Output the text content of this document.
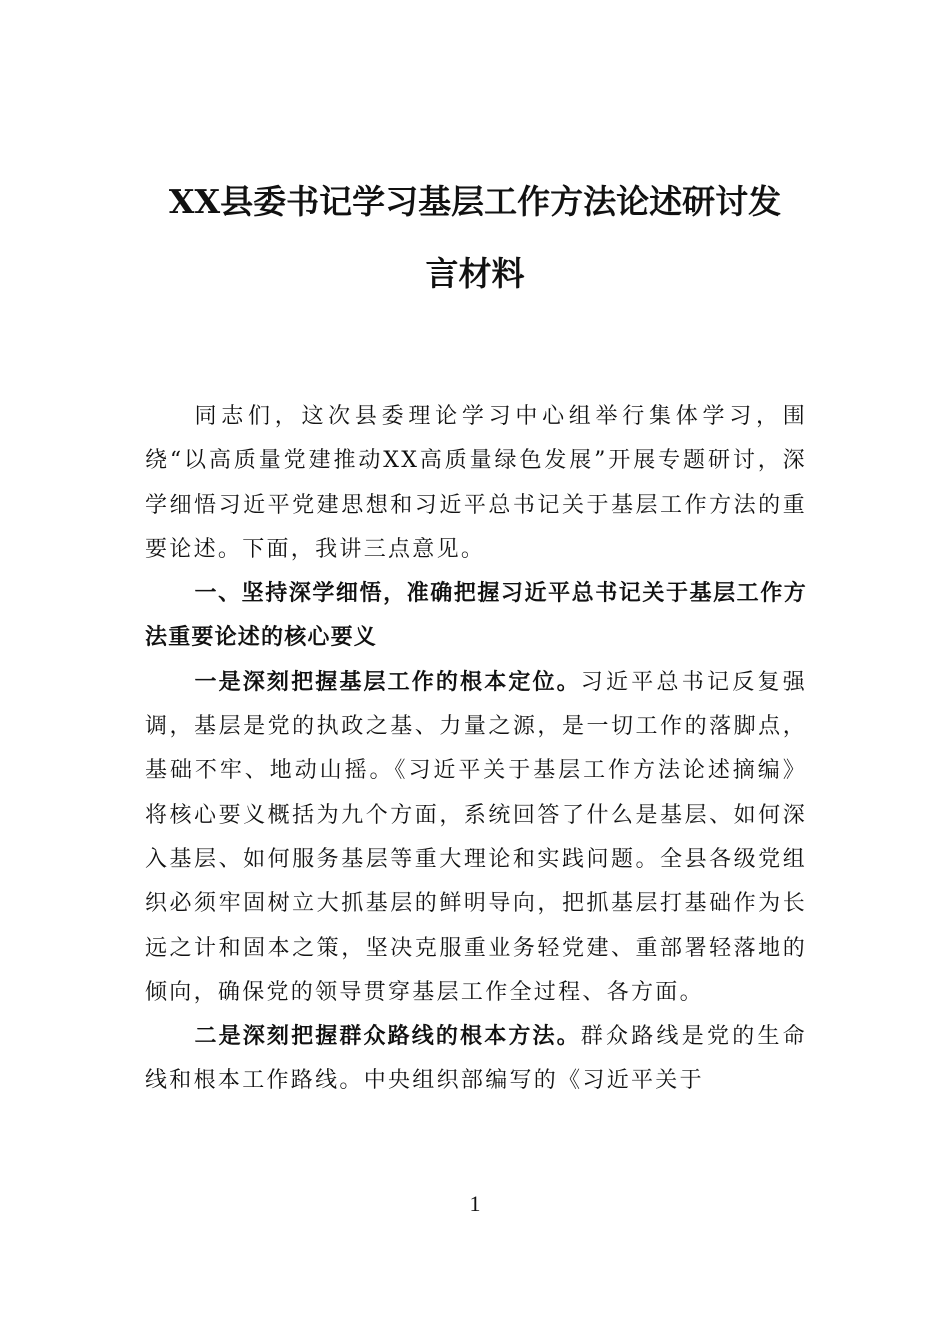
XX县委书记学习基层工作方法论述研讨发
言材料

同志们，这次县委理论学习中心组举行集体学习，围绕“以高质量党建推动XX高质量绿色发展”开展专题研讨，深学细悟习近平党建思想和习近平总书记关于基层工作方法的重要论述。下面，我讲三点意见。

一、坚持深学细悟，准确把握习近平总书记关于基层工作方法重要论述的核心要义

一是深刻把握基层工作的根本定位。习近平总书记反复强调，基层是党的执政之基、力量之源，是一切工作的落脚点，基础不牢、地动山摇。《习近平关于基层工作方法论述摘编》将核心要义概括为九个方面，系统回答了什么是基层、如何深入基层、如何服务基层等重大理论和实践问题。全县各级党组织必须牢固树立大抓基层的鲜明导向，把抓基层打基础作为长远之计和固本之策，坚决克服重业务轻党建、重部署轻落地的倾向，确保党的领导贯穿基层工作全过程、各方面。

二是深刻把握群众路线的根本方法。群众路线是党的生命线和根本工作路线。中央组织部编写的《习近平关于

1
